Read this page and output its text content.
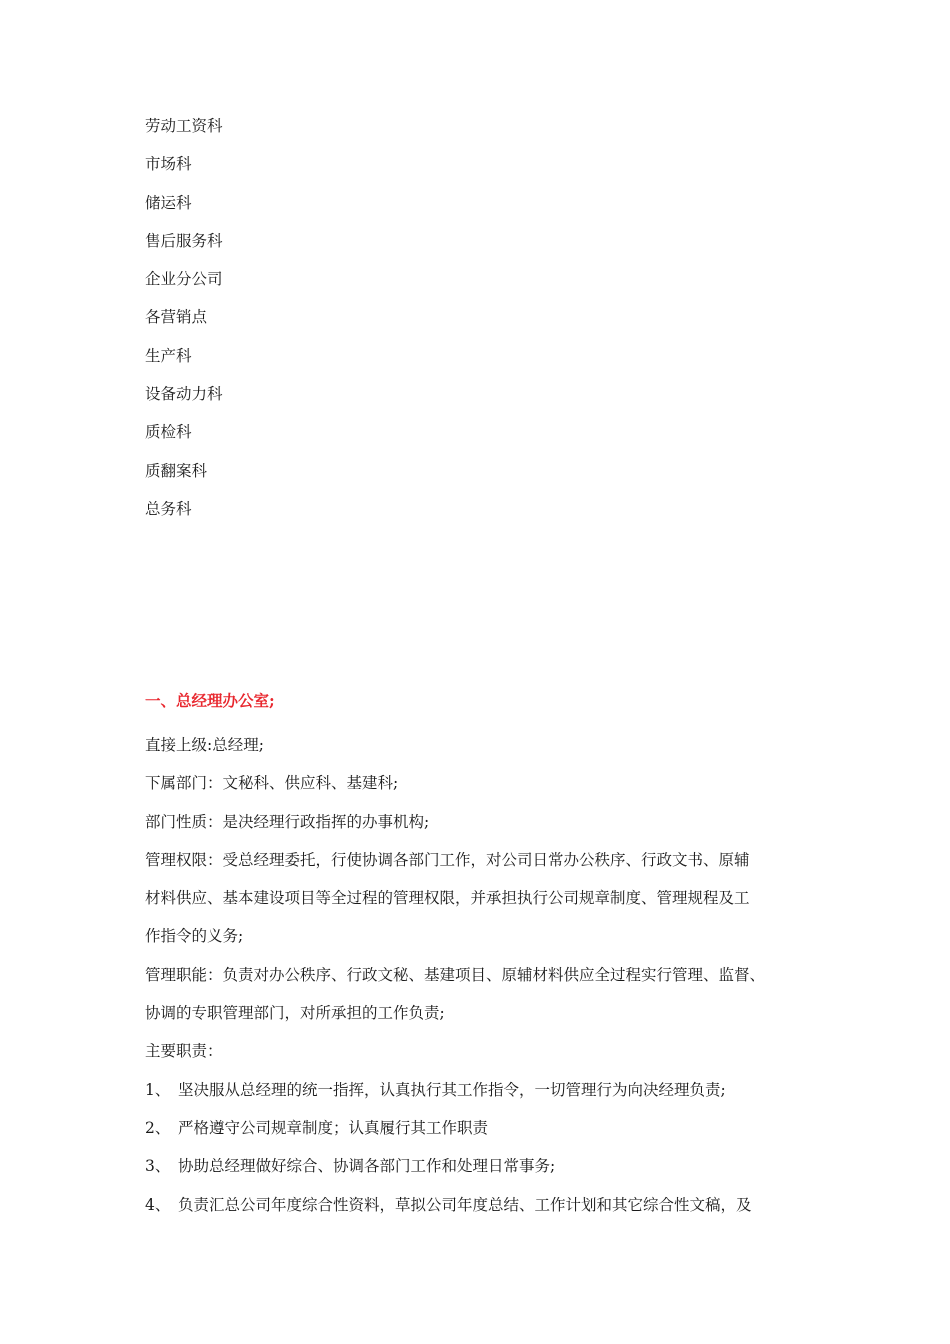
劳动工资科
市场科
储运科
售后服务科
企业分公司
各营销点
生产科
设备动力科
质检科
质翻案科
总务科
一、总经理办公室;

直接上级:总经理;

下属部门：文秘科、供应科、基建科;

部门性质：是决经理行政指挥的办事机构;

管理权限：受总经理委托，行使协调各部门工作，对公司日常办公秩序、行政文书、原辅
材料供应、基本建设项目等全过程的管理权限，并承担执行公司规章制度、管理规程及工
作指令的义务;
管理职能：负责对办公秩序、行政文秘、基建项目、原辅材料供应全过程实行管理、监督、
协调的专职管理部门，对所承担的工作负责;

主要职责：

1、 坚决服从总经理的统一指挥，认真执行其工作指令，一切管理行为向决经理负责;
2、 严格遵守公司规章制度；认真履行其工作职责
3、 协助总经理做好综合、协调各部门工作和处理日常事务;
4、 负责汇总公司年度综合性资料，草拟公司年度总结、工作计划和其它综合性文稿，及
